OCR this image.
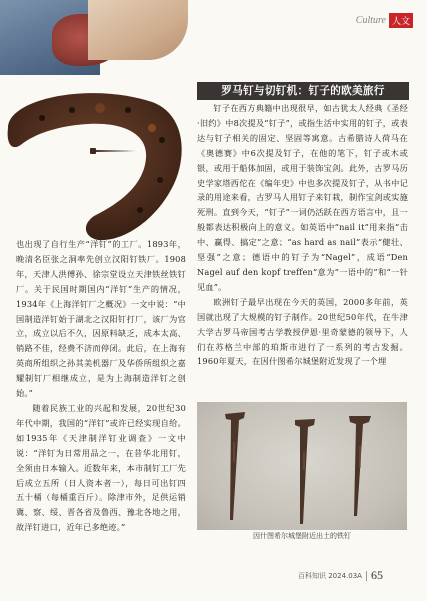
Culture 人文
罗马钉与切钉机：钉子的欧美旅行

钉子在西方典籍中出现很早，如古犹太人经典《圣经·旧约》中8次提及“钉子”，或指生活中实用的钉子，或表达与钉子相关的固定、坚固等寓意。古希腊诗人荷马在《奥德赛》中6次提及钉子，在他的笔下，钉子或木或银，或用于船体加固，或用于装饰宝剑。此外，古罗马历史学家塔西佗在《编年史》中也多次提及钉子，从书中记录的用途来看，古罗马人用钉子来钉栽，制作宝剑或实施死刑。直到今天，“钉子”一词仍活跃在西方语言中，且一般都表达积极向上的意义。如英语中“nail it”用来指“击中、赢得、搞定”之意；“as hard as nail”表示“健壮、坚强”之意；德语中的钉子为“Nagel”，成语“Den Nagel auf den kopf treffen”意为“一语中的”和“一针见血”。

欧洲钉子最早出现在今天的英国，2000多年前，英国就出现了大规模的钉子制作。20世纪50年代，在牛津大学古罗马帝国考古学教授伊恩·里奇蒙德的领导下，人们在苏格兰中部的珀斯市进行了一系列的考古发掘。1960年夏天，在因什图希尔城堡附近发现了一个埋

也出现了自行生产“洋钉”的工厂。1893年，晚清名臣张之洞率先创立汉阳钉铁厂。1908年，天津人洪傅孙、徐宗堂设立天津铁丝铁钉厂。关于民国时期国内“洋钉”生产的情况，1934年《上海洋钉厂之概况》一文中说：“中国制造洋钉始于湖北之汉阳钉打厂，该厂为官立，成立以后不久，因原料缺乏，成本太高、销路不佳，经费不济而停闭。此后，在上海有英商所组织之孙其美机器厂及华侨所组织之嘉耀制钉厂相继成立，是为上海制造洋钉之创始。”

随着民族工业的兴起和发展，20世纪30年代中期，我国的“洋钉”或许已经实现自给。如1935年《天津制洋钉业调查》一文中说：“洋钉为日常用品之一，在昔华北用钉，全须由日本输入。近数年来，本市制钉工厂先后成立五所（日人资本者一），每日可出钉四五十桶（每桶重百斤）。除津市外，足供运销冀、察、绥、晋各省及鲁西、豫北各地之用，故洋钉进口，近年已多绝迹。”

因什图希尔城堡附近出土的铁钉
百科知识 2024.03A 65
